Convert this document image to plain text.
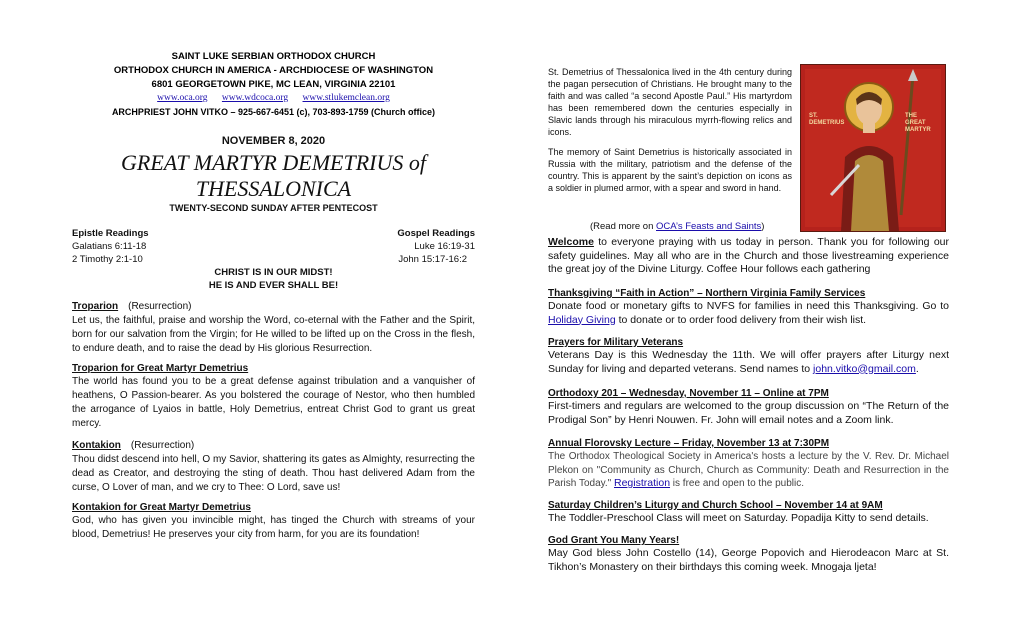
SAINT LUKE SERBIAN ORTHODOX CHURCH
ORTHODOX CHURCH IN AMERICA - ARCHDIOCESE OF WASHINGTON
6801 GEORGETOWN PIKE, MC LEAN, VIRGINIA 22101
www.oca.org www.wdcoca.org www.stlukemclean.org
ARCHPRIEST JOHN VITKO – 925-667-6451 (c), 703-893-1759 (Church office)
NOVEMBER 8, 2020
GREAT MARTYR DEMETRIUS of
THESSALONICA
TWENTY-SECOND SUNDAY AFTER PENTECOST
Epistle Readings	Gospel Readings
Galatians 6:11-18	Luke 16:19-31
2 Timothy 2:1-10	John 15:17-16:2
CHRIST IS IN OUR MIDST!
HE IS AND EVER SHALL BE!
Troparion (Resurrection)
Let us, the faithful, praise and worship the Word, co-eternal with the Father and the Spirit, born for our salvation from the Virgin; for He willed to be lifted up on the Cross in the flesh, to endure death, and to raise the dead by His glorious Resurrection.
Troparion for Great Martyr Demetrius
The world has found you to be a great defense against tribulation and a vanquisher of heathens, O Passion-bearer. As you bolstered the courage of Nestor, who then humbled the arrogance of Lyaios in battle, Holy Demetrius, entreat Christ God to grant us great mercy.
Kontakion (Resurrection)
Thou didst descend into hell, O my Savior, shattering its gates as Almighty, resurrecting the dead as Creator, and destroying the sting of death. Thou hast delivered Adam from the curse, O Lover of man, and we cry to Thee: O Lord, save us!
Kontakion for Great Martyr Demetrius
God, who has given you invincible might, has tinged the Church with streams of your blood, Demetrius! He preserves your city from harm, for you are its foundation!

St. Demetrius of Thessalonica lived in the 4th century during the pagan persecution of Christians. He brought many to the faith and was called “a second Apostle Paul.” His martyrdom has been remembered down the centuries especially in Slavic lands through his miraculous myrrh-flowing relics and icons.

The memory of Saint Demetrius is historically associated in Russia with the military, patriotism and the defense of the country. This is apparent by the saint’s depiction on icons as a soldier in plumed armor, with a spear and sword in hand.

ST. DEMETRIUS
THE GREAT MARTYR
(Read more on OCA’s Feasts and Saints)
Welcome to everyone praying with us today in person. Thank you for following our safety guidelines. May all who are in the Church and those livestreaming experience the great joy of the Divine Liturgy. Coffee Hour follows each gathering
Thanksgiving “Faith in Action” – Northern Virginia Family Services
Donate food or monetary gifts to NVFS for families in need this Thanksgiving. Go to Holiday Giving to donate or to order food delivery from their wish list.
Prayers for Military Veterans
Veterans Day is this Wednesday the 11th. We will offer prayers after Liturgy next Sunday for living and departed veterans. Send names to john.vitko@gmail.com.
Orthodoxy 201 – Wednesday, November 11 – Online at 7PM
First-timers and regulars are welcomed to the group discussion on “The Return of the Prodigal Son” by Henri Nouwen. Fr. John will email notes and a Zoom link.
Annual Florovsky Lecture – Friday, November 13 at 7:30PM
The Orthodox Theological Society in America's hosts a lecture by the V. Rev. Dr. Michael Plekon on "Community as Church, Church as Community: Death and Resurrection in the Parish Today." Registration is free and open to the public.
Saturday Children’s Liturgy and Church School – November 14 at 9AM
The Toddler-Preschool Class will meet on Saturday. Popadija Kitty to send details.
God Grant You Many Years!
May God bless John Costello (14), George Popovich and Hierodeacon Marc at St. Tikhon’s Monastery on their birthdays this coming week. Mnogaja ljeta!
